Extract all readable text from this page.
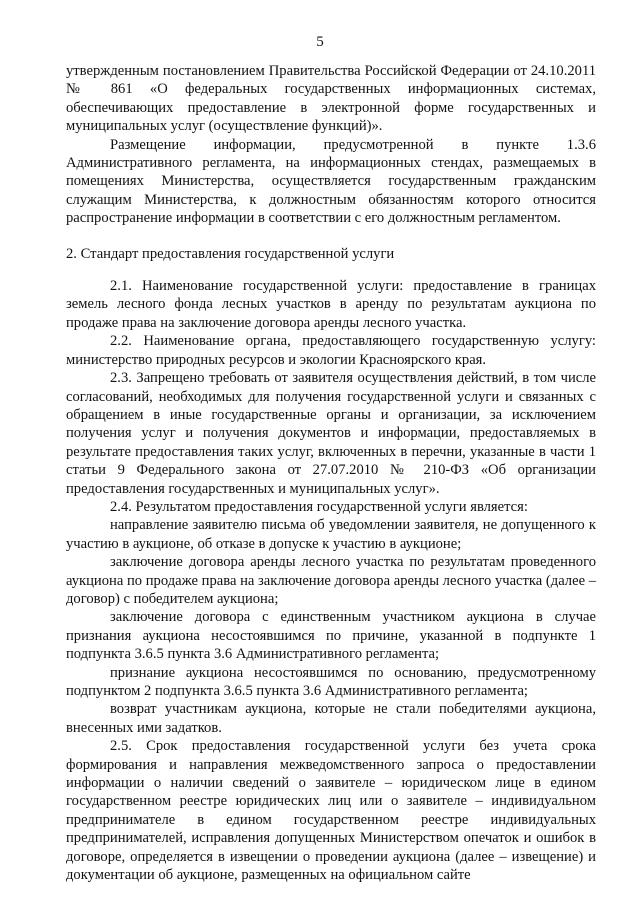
5

утвержденным постановлением Правительства Российской Федерации от 24.10.2011 № 861 «О федеральных государственных информационных системах, обеспечивающих предоставление в электронной форме государственных и муниципальных услуг (осуществление функций)».

Размещение информации, предусмотренной в пункте 1.3.6 Административного регламента, на информационных стендах, размещаемых в помещениях Министерства, осуществляется государственным гражданским служащим Министерства, к должностным обязанностям которого относится распространение информации в соответствии с его должностным регламентом.

2. Стандарт предоставления государственной услуги

2.1. Наименование государственной услуги: предоставление в границах земель лесного фонда лесных участков в аренду по результатам аукциона по продаже права на заключение договора аренды лесного участка.

2.2. Наименование органа, предоставляющего государственную услугу: министерство природных ресурсов и экологии Красноярского края.

2.3. Запрещено требовать от заявителя осуществления действий, в том числе согласований, необходимых для получения государственной услуги и связанных с обращением в иные государственные органы и организации, за исключением получения услуг и получения документов и информации, предоставляемых в результате предоставления таких услуг, включенных в перечни, указанные в части 1 статьи 9 Федерального закона от 27.07.2010 № 210-ФЗ «Об организации предоставления государственных и муниципальных услуг».

2.4. Результатом предоставления государственной услуги является:

направление заявителю письма об уведомлении заявителя, не допущенного к участию в аукционе, об отказе в допуске к участию в аукционе;

заключение договора аренды лесного участка по результатам проведенного аукциона по продаже права на заключение договора аренды лесного участка (далее – договор) с победителем аукциона;

заключение договора с единственным участником аукциона в случае признания аукциона несостоявшимся по причине, указанной в подпункте 1 подпункта 3.6.5 пункта 3.6 Административного регламента;

признание аукциона несостоявшимся по основанию, предусмотренному подпунктом 2 подпункта 3.6.5 пункта 3.6 Административного регламента;

возврат участникам аукциона, которые не стали победителями аукциона, внесенных ими задатков.

2.5. Срок предоставления государственной услуги без учета срока формирования и направления межведомственного запроса о предоставлении информации о наличии сведений о заявителе – юридическом лице в едином государственном реестре юридических лиц или о заявителе – индивидуальном предпринимателе в едином государственном реестре индивидуальных предпринимателей, исправления допущенных Министерством опечаток и ошибок в договоре, определяется в извещении о проведении аукциона (далее – извещение) и документации об аукционе, размещенных на официальном сайте
